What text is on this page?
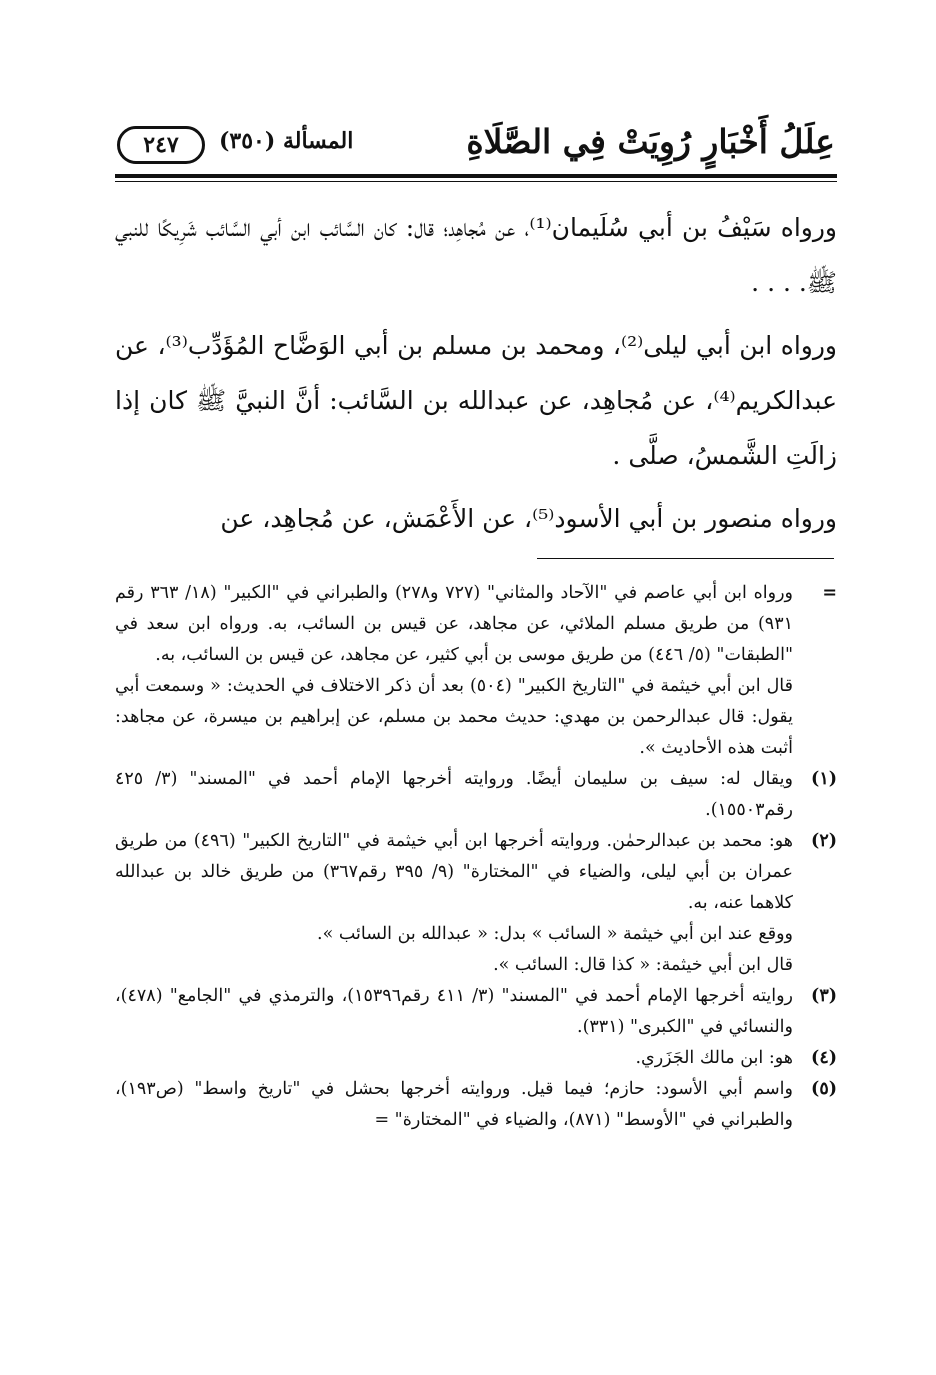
عِلَلُ أَخْبَارٍ رُوِيَتْ فِي الصَّلَاةِ
المسألة (٣٥٠)
٢٤٧

ورواه سَيْفُ بن أبي سُلَيمان⁽¹⁾، عن مُجاهِد؛ قال: كان السَّائب ابن أبي السَّائب شَرِيكًا للنبي ﷺ. . . .

ورواه ابن أبي ليلى⁽²⁾، ومحمد بن مسلم بن أبي الوَضَّاح المُؤَدِّب⁽³⁾، عن عبدالكريم⁽⁴⁾، عن مُجاهِد، عن عبدالله بن السَّائب: أنَّ النبيَّ ﷺ كان إذا زالَتِ الشَّمسُ، صلَّى .

ورواه منصور بن أبي الأسود⁽⁵⁾، عن الأَعْمَش، عن مُجاهِد، عن

=

ورواه ابن أبي عاصم في "الآحاد والمثاني" (٧٢٧ و٢٧٨) والطبراني في "الكبير" (١٨/ ٣٦٣ رقم ٩٣١) من طريق مسلم الملائي، عن مجاهد، عن قيس بن السائب، به. ورواه ابن سعد في "الطبقات" (٥/ ٤٤٦) من طريق موسى بن أبي كثير، عن مجاهد، عن قيس بن السائب، به.

قال ابن أبي خيثمة في "التاريخ الكبير" (٥٠٤) بعد أن ذكر الاختلاف في الحديث: « وسمعت أبي يقول: قال عبدالرحمن بن مهدي: حديث محمد بن مسلم، عن إبراهيم بن ميسرة، عن مجاهد: أثبت هذه الأحاديث ».

(١)

ويقال له: سيف بن سليمان أيضًا. وروايته أخرجها الإمام أحمد في "المسند" (٣/ ٤٢٥ رقم١٥٥٠٣).

(٢)

هو: محمد بن عبدالرحمٰن. وروايته أخرجها ابن أبي خيثمة في "التاريخ الكبير" (٤٩٦) من طريق عمران بن أبي ليلى، والضياء في "المختارة" (٩/ ٣٩٥ رقم٣٦٧) من طريق خالد بن عبدالله كلاهما عنه، به.

ووقع عند ابن أبي خيثمة « السائب » بدل: « عبدالله بن السائب ».

قال ابن أبي خيثمة: « كذا قال: السائب ».

(٣)

روايته أخرجها الإمام أحمد في "المسند" (٣/ ٤١١ رقم١٥٣٩٦)، والترمذي في "الجامع" (٤٧٨)، والنسائي في "الكبرى" (٣٣١).

(٤)

هو: ابن مالك الجَزَري.

(٥)

واسم أبي الأسود: حازم؛ فيما قيل. وروايته أخرجها بحشل في "تاريخ واسط" (ص١٩٣)، والطبراني في "الأوسط" (٨٧١)، والضياء في "المختارة" =
